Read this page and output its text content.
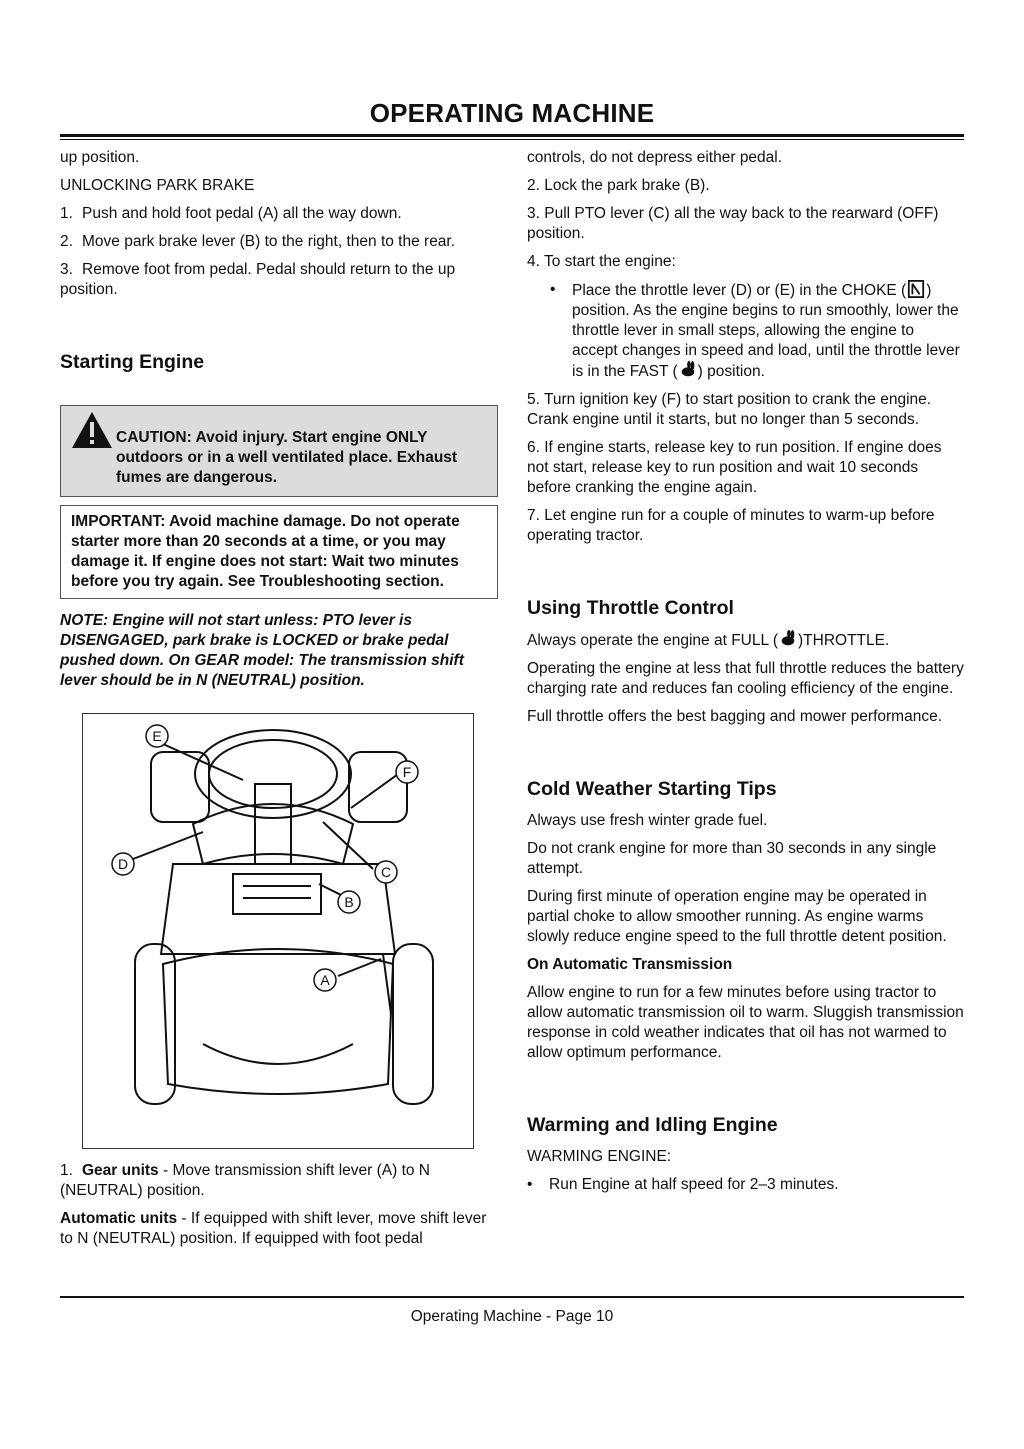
OPERATING MACHINE

up position.

UNLOCKING PARK BRAKE

1. Push and hold foot pedal (A) all the way down.

2. Move park brake lever (B) to the right, then to the rear.

3. Remove foot from pedal. Pedal should return to the up position.

Starting Engine
CAUTION: Avoid injury. Start engine ONLY outdoors or in a well ventilated place. Exhaust fumes are dangerous.
IMPORTANT: Avoid machine damage. Do not operate starter more than 20 seconds at a time, or you may damage it. If engine does not start: Wait two minutes before you try again. See Troubleshooting section.
NOTE: Engine will not start unless: PTO lever is DISENGAGED, park brake is LOCKED or brake pedal pushed down. On GEAR model: The transmission shift lever should be in N (NEUTRAL) position.
E
F
D	C
B
A

1. Gear units - Move transmission shift lever (A) to N (NEUTRAL) position.

Automatic units - If equipped with shift lever, move shift lever to N (NEUTRAL) position. If equipped with foot pedal

controls, do not depress either pedal.

2. Lock the park brake (B).

3. Pull PTO lever (C) all the way back to the rearward (OFF) position.

4. To start the engine:

• Place the throttle lever (D) or (E) in the CHOKE ( ) position. As the engine begins to run smoothly, lower the throttle lever in small steps, allowing the engine to accept changes in speed and load, until the throttle lever is in the FAST ( ) position.

5. Turn ignition key (F) to start position to crank the engine. Crank engine until it starts, but no longer than 5 seconds.

6. If engine starts, release key to run position. If engine does not start, release key to run position and wait 10 seconds before cranking the engine again.

7. Let engine run for a couple of minutes to warm-up before operating tractor.

Using Throttle Control

Always operate the engine at FULL ( )THROTTLE.

Operating the engine at less that full throttle reduces the battery charging rate and reduces fan cooling efficiency of the engine.

Full throttle offers the best bagging and mower performance.

Cold Weather Starting Tips

Always use fresh winter grade fuel.

Do not crank engine for more than 30 seconds in any single attempt.

During first minute of operation engine may be operated in partial choke to allow smoother running. As engine warms slowly reduce engine speed to the full throttle detent position.

On Automatic Transmission

Allow engine to run for a few minutes before using tractor to allow automatic transmission oil to warm. Sluggish transmission response in cold weather indicates that oil has not warmed to allow optimum performance.

Warming and Idling Engine

WARMING ENGINE:

• Run Engine at half speed for 2–3 minutes.

Operating Machine - Page 10
